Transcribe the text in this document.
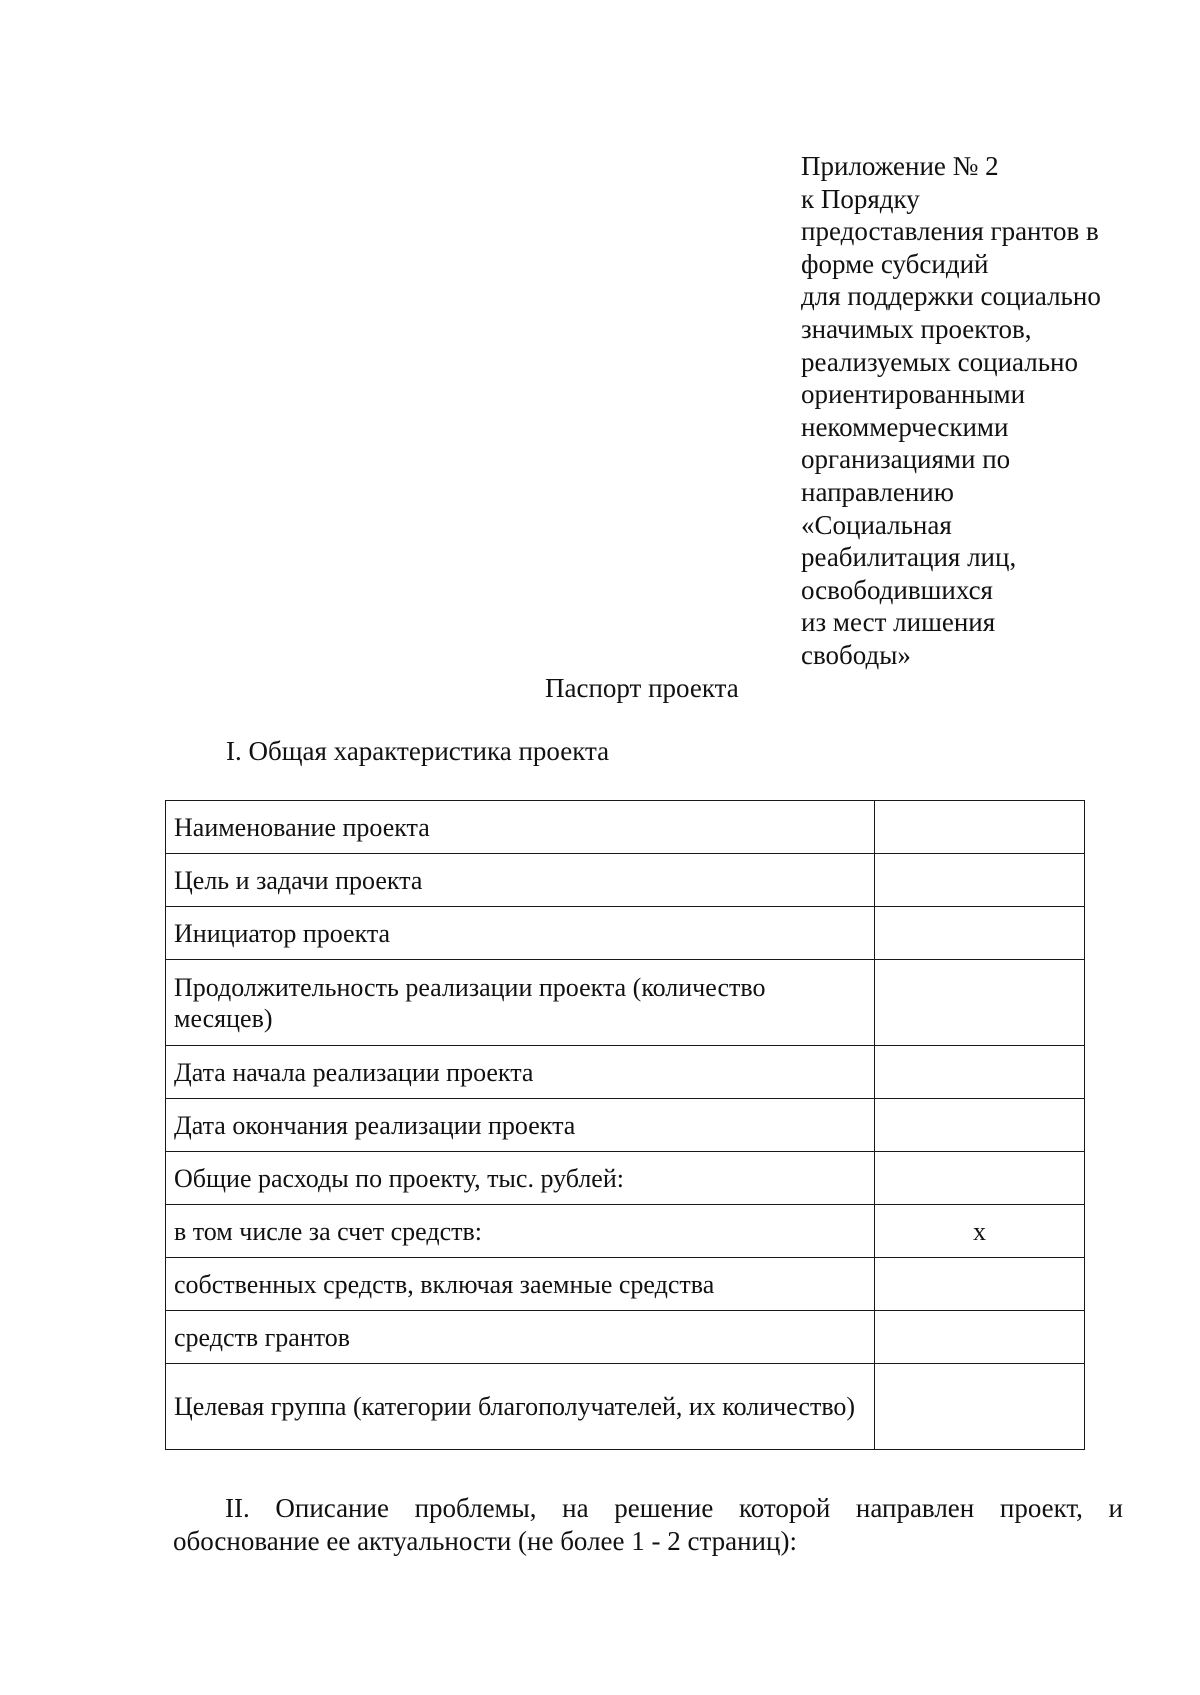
Приложение № 2
к Порядку
предоставления грантов в
форме субсидий
для поддержки социально
значимых проектов,
реализуемых социально
ориентированными
некоммерческими
организациями по
направлению
«Социальная
реабилитация лиц,
освободившихся
из мест лишения
свободы»
Паспорт проекта
I. Общая характеристика проекта
Наименование проекта	
Цель и задачи проекта	
Инициатор проекта	
Продолжительность реализации проекта (количество месяцев)	
Дата начала реализации проекта	
Дата окончания реализации проекта	
Общие расходы по проекту, тыс. рублей:	
в том числе за счет средств:	х
собственных средств, включая заемные средства	
средств грантов	
Целевая группа (категории благополучателей, их количество)	
II. Описание проблемы, на решение которой направлен проект, и обоснование ее актуальности (не более 1 - 2 страниц):
